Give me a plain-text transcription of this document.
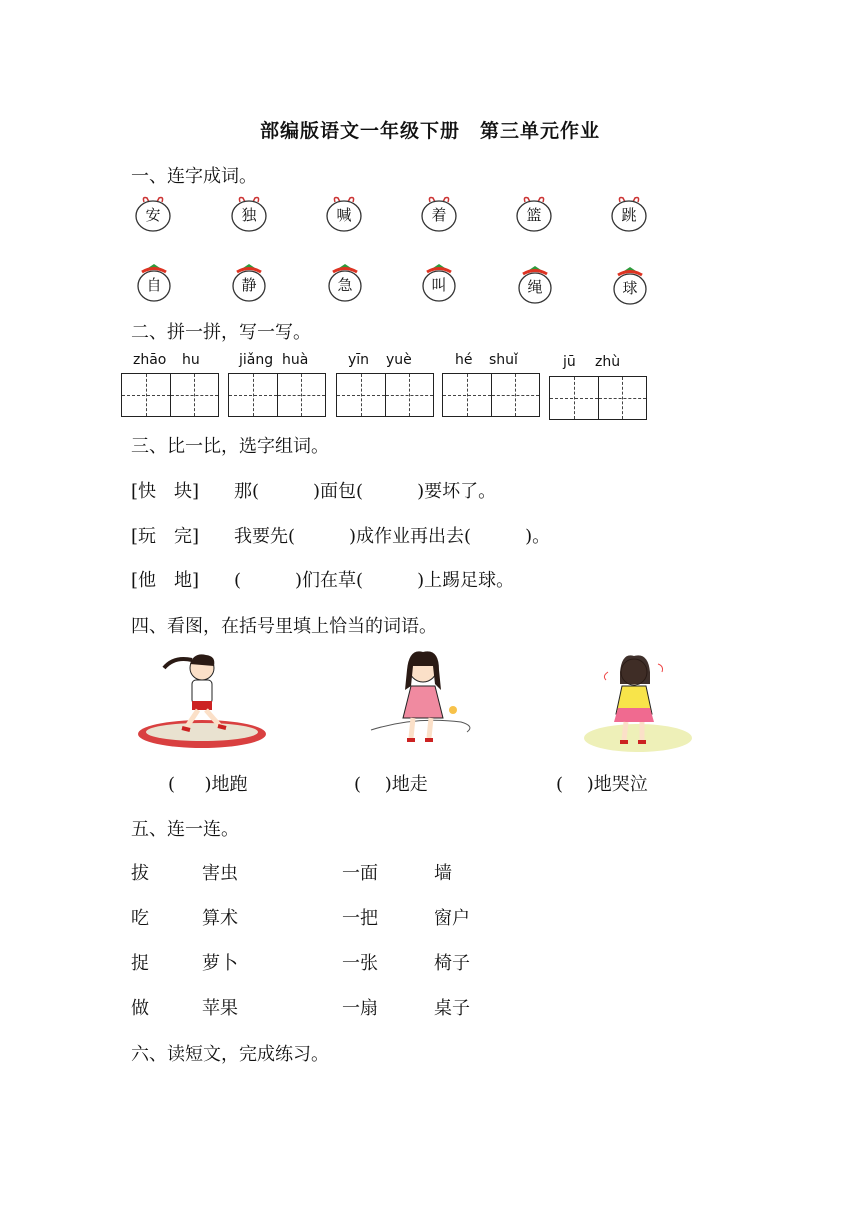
部编版语文一年级下册　第三单元作业
一、连字成词。
安	独	喊	着	篮	跳
自	静	急	叫	绳	球
二、拼一拼，写一写。
zhāo hu	jiǎng huà	yīn yuè	hé shuǐ	jū zhù
三、比一比，选字组词。
[快　块] 那(　　　)面包(　　　)要坏了。
[玩　完] 我要先(　　　)成作业再出去(　　　)。
[他　地] (　　　)们在草(　　　)上踢足球。
四、看图，在括号里填上恰当的词语。
(　  )地跑	(　 )地走	(　 )地哭泣
五、连一连。
拔	害虫	一面	墙
吃	算术	一把	窗户
捉	萝卜	一张	椅子
做	苹果	一扇	桌子
六、读短文，完成练习。
